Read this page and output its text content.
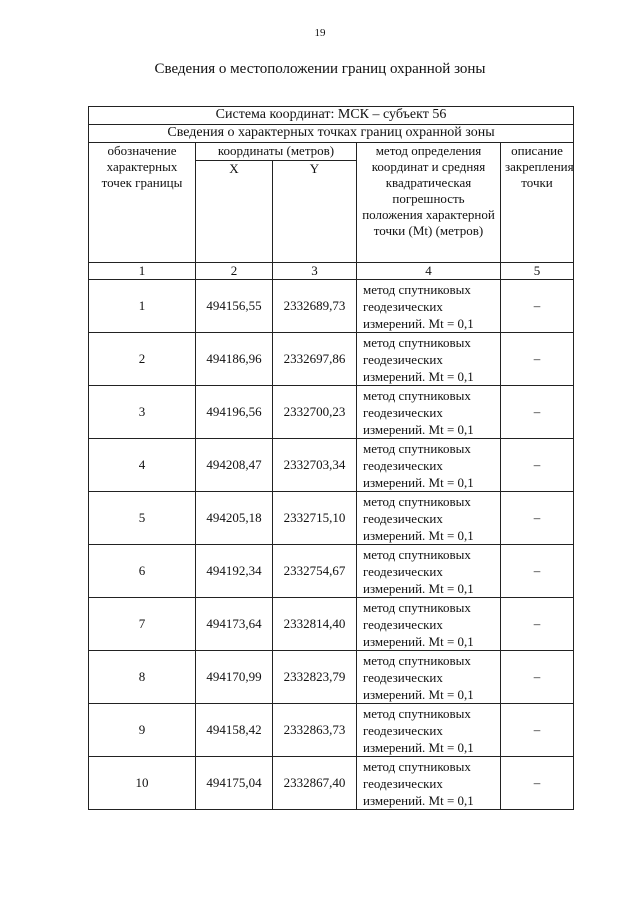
19
Сведения о местоположении границ охранной зоны
Система координат: МСК – субъект 56				
Сведения о характерных точках границ охранной зоны				
обозначение характерных точек границы	координаты (метров)		метод определения координат и средняя квадратическая погрешность положения характерной точки (Mt) (метров)	описание закрепления точки
	X	Y		
1	2	3	4	5
1	494156,55	2332689,73	метод спутниковых геодезических измерений. Mt = 0,1	–
2	494186,96	2332697,86	метод спутниковых геодезических измерений. Mt = 0,1	–
3	494196,56	2332700,23	метод спутниковых геодезических измерений. Mt = 0,1	–
4	494208,47	2332703,34	метод спутниковых геодезических измерений. Mt = 0,1	–
5	494205,18	2332715,10	метод спутниковых геодезических измерений. Mt = 0,1	–
6	494192,34	2332754,67	метод спутниковых геодезических измерений. Mt = 0,1	–
7	494173,64	2332814,40	метод спутниковых геодезических измерений. Mt = 0,1	–
8	494170,99	2332823,79	метод спутниковых геодезических измерений. Mt = 0,1	–
9	494158,42	2332863,73	метод спутниковых геодезических измерений. Mt = 0,1	–
10	494175,04	2332867,40	метод спутниковых геодезических измерений. Mt = 0,1	–
